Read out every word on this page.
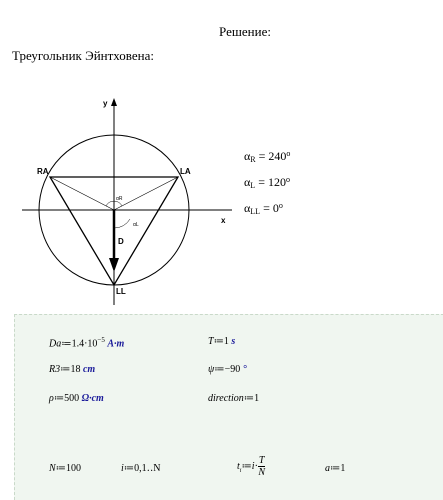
Решение:
Треугольник Эйнтховена:
y
x
RA	LA
LL
D
αR
αL
$\alpha_R = 240^o$
$\alpha_L = 120^o$
$\alpha_{LL} = 0^o$
$Da≔1.4\cdot 10^{-5}$ A·m
R3≔18 cm
ρ≔500 Ω·cm
T≔1 s
ψ≔−90 °
direction≔1
N≔100	i≔0,1‥N	$t_i≔i\cdot \frac{T}{N}$	a≔1
